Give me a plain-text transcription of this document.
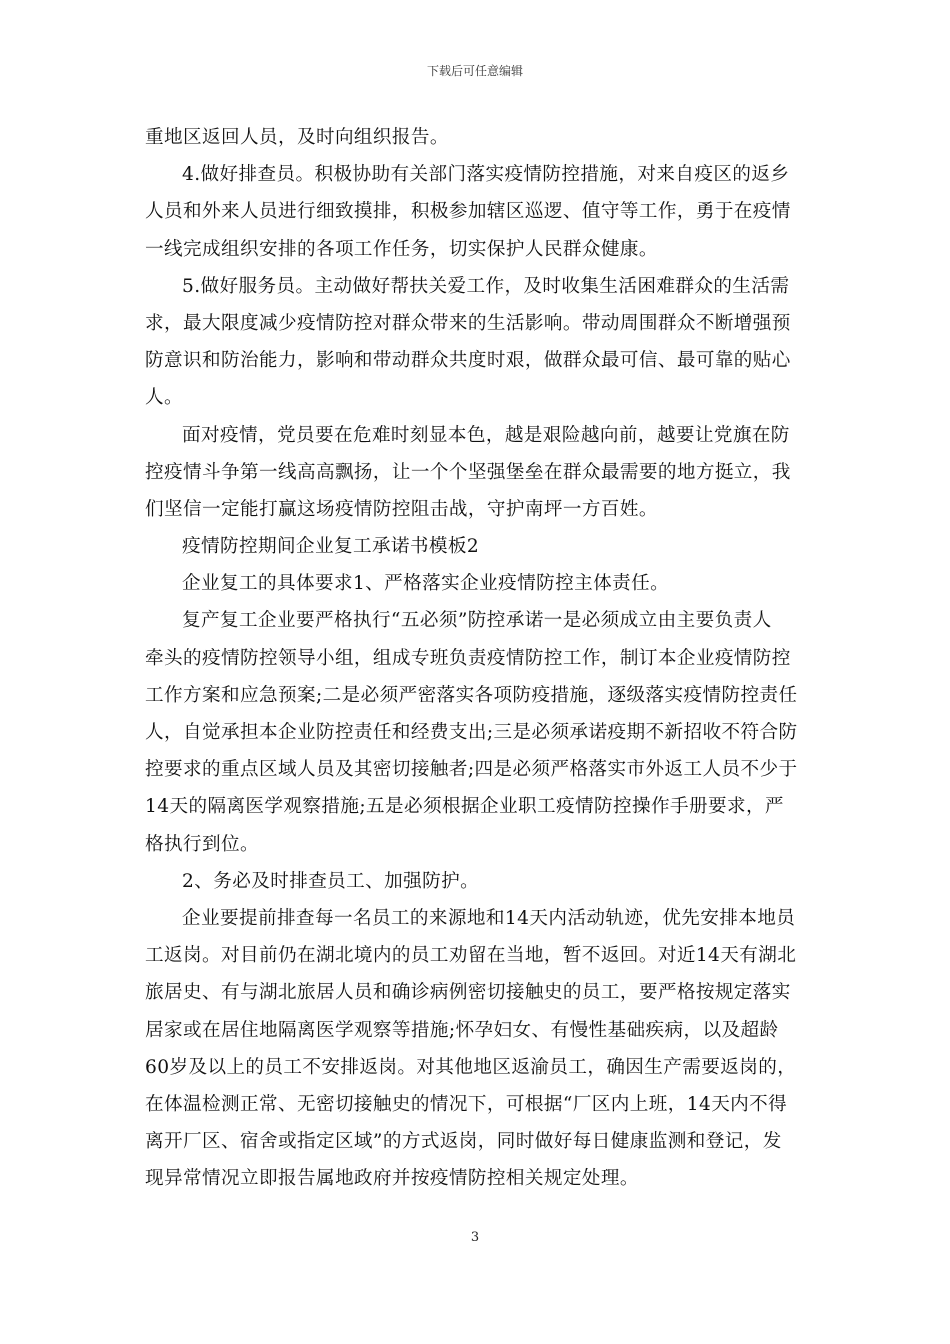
下载后可任意编辑
重地区返回人员，及时向组织报告。
4.做好排查员。积极协助有关部门落实疫情防控措施，对来自疫区的返乡
人员和外来人员进行细致摸排，积极参加辖区巡逻、值守等工作，勇于在疫情
一线完成组织安排的各项工作任务，切实保护人民群众健康。
5.做好服务员。主动做好帮扶关爱工作，及时收集生活困难群众的生活需
求，最大限度减少疫情防控对群众带来的生活影响。带动周围群众不断增强预
防意识和防治能力，影响和带动群众共度时艰，做群众最可信、最可靠的贴心
人。
面对疫情，党员要在危难时刻显本色，越是艰险越向前，越要让党旗在防
控疫情斗争第一线高高飘扬，让一个个坚强堡垒在群众最需要的地方挺立，我
们坚信一定能打赢这场疫情防控阻击战，守护南坪一方百姓。
疫情防控期间企业复工承诺书模板2
企业复工的具体要求1、严格落实企业疫情防控主体责任。
复产复工企业要严格执行“五必须”防控承诺一是必须成立由主要负责人
牵头的疫情防控领导小组，组成专班负责疫情防控工作，制订本企业疫情防控
工作方案和应急预案;二是必须严密落实各项防疫措施，逐级落实疫情防控责任
人，自觉承担本企业防控责任和经费支出;三是必须承诺疫期不新招收不符合防
控要求的重点区域人员及其密切接触者;四是必须严格落实市外返工人员不少于
14天的隔离医学观察措施;五是必须根据企业职工疫情防控操作手册要求，严
格执行到位。
2、务必及时排查员工、加强防护。
企业要提前排查每一名员工的来源地和14天内活动轨迹，优先安排本地员
工返岗。对目前仍在湖北境内的员工劝留在当地，暂不返回。对近14天有湖北
旅居史、有与湖北旅居人员和确诊病例密切接触史的员工，要严格按规定落实
居家或在居住地隔离医学观察等措施;怀孕妇女、有慢性基础疾病，以及超龄
60岁及以上的员工不安排返岗。对其他地区返渝员工，确因生产需要返岗的，
在体温检测正常、无密切接触史的情况下，可根据“厂区内上班，14天内不得
离开厂区、宿舍或指定区域”的方式返岗，同时做好每日健康监测和登记，发
现异常情况立即报告属地政府并按疫情防控相关规定处理。
3
